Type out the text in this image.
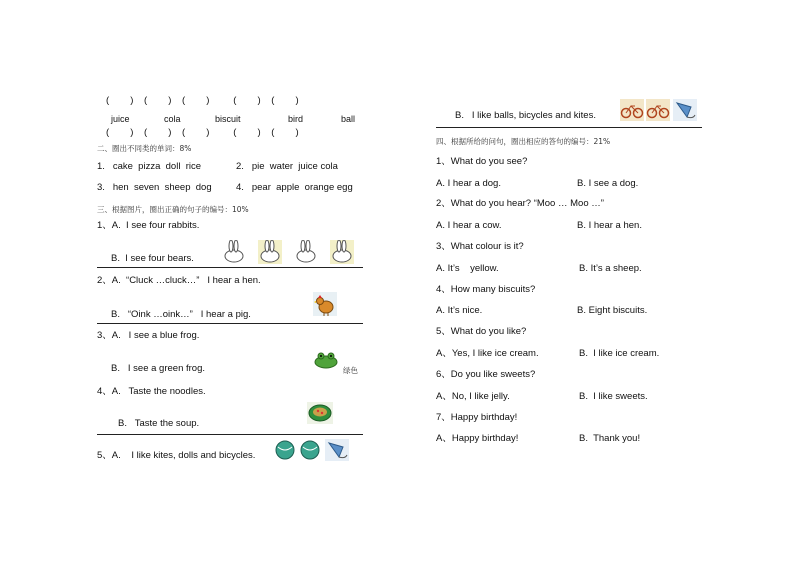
(        )    (        )    (        )         (        )    (        )
juice	cola	biscuit	bird	ball
(        )    (        )    (        )         (        )    (        )
二、圈出不同类的单词：8%
1.   cake  pizza  doll  rice	2.   pie  water  juice cola
3.   hen  seven  sheep  dog	4.   pear  apple  orange egg
三、根据图片，圈出正确的句子的编号：10%
1、A.  I see four rabbits.
B.  I see four bears.
2、A.  “Cluck …cluck…”   I hear a hen.
B.   “Oink …oink…”   I hear a pig.
3、A.   I see a blue frog.
B.   I see a green frog.	绿色
4、A.   Taste the noodles.
B.   Taste the soup.
5、A.    I like kites, dolls and bicycles.
B.   I like balls, bicycles and kites.
四、根据所给的问句，圈出相应的答句的编号：21%
1、What do you see?
A. I hear a dog.	B. I see a dog.
2、What do you hear? “Moo … Moo …”
A. I hear a cow.	B. I hear a hen.
3、What colour is it?
A. It’s    yellow.	B. It’s a sheep.
4、How many biscuits?
A. It’s nice.	B. Eight biscuits.
5、What do you like?
A、Yes, I like ice cream.	B.  I like ice cream.
6、Do you like sweets?
A、No, I like jelly.	B.  I like sweets.
7、Happy birthday!
A、Happy birthday!	B.  Thank you!
